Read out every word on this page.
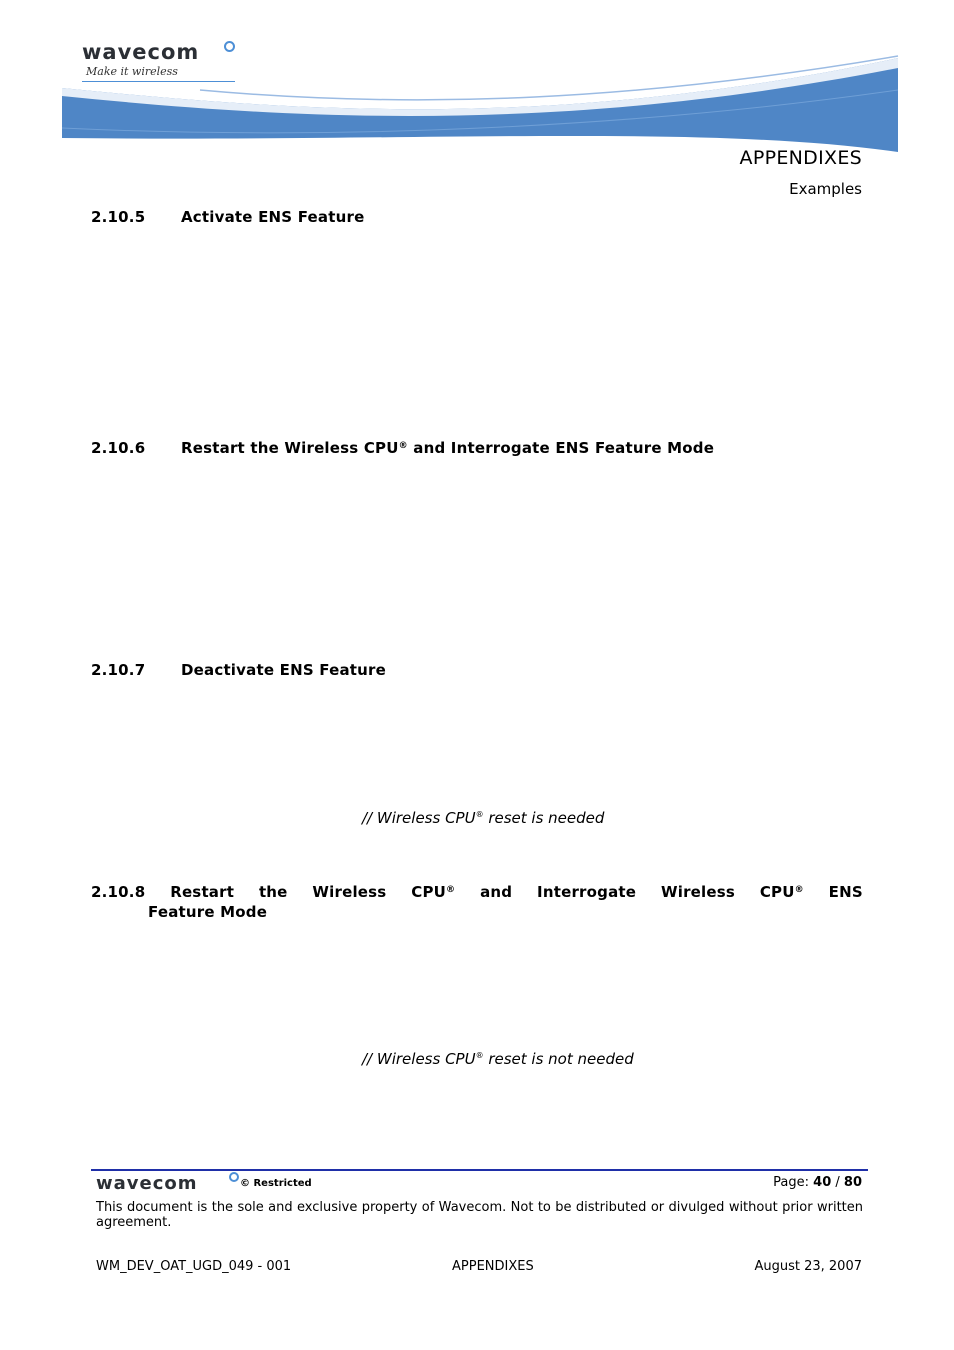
wavecom
Make it wireless
APPENDIXES
Examples
2.10.5 Activate ENS Feature
2.10.6 Restart the Wireless CPU® and Interrogate ENS Feature Mode
2.10.7 Deactivate ENS Feature
// Wireless CPU® reset is needed
2.10.8 Restart the Wireless CPU® and Interrogate Wireless CPU® ENS
Feature Mode
// Wireless CPU® reset is not needed
wavecom	© Restricted	Page: 40 / 80
This document is the sole and exclusive property of Wavecom. Not to be distributed or divulged without prior written agreement.
WM_DEV_OAT_UGD_049 - 001	APPENDIXES	August 23, 2007
